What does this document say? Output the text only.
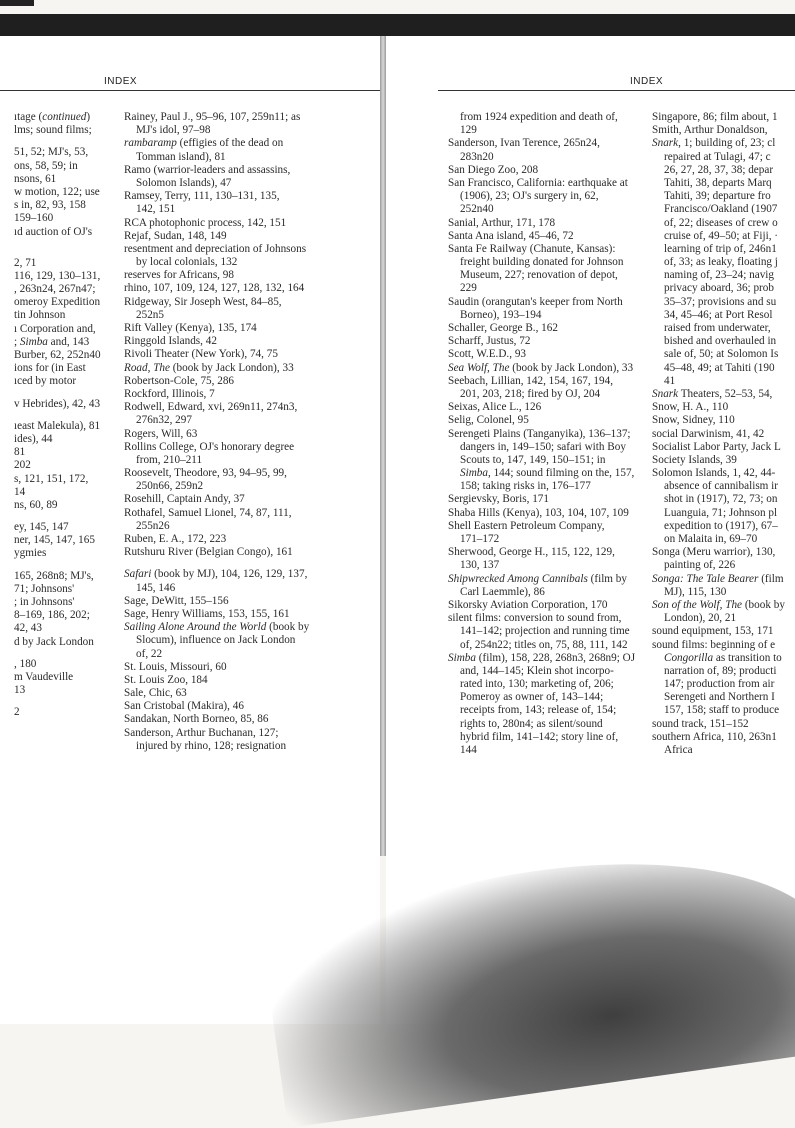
INDEX	INDEX
ıtage (continued)
lms; sound films;
51, 52; MJ's, 53,
ons, 58, 59; in
nsons, 61
w motion, 122; use
s in, 82, 93, 158
159–160
ıd auction of OJ's
2, 71
116, 129, 130–131,
, 263n24, 267n47;
omeroy Expedition
tin Johnson
ı Corporation and,
; Simba and, 143
Burber, 62, 252n40
ions for (in East
ıced by motor
v Hebrides), 42, 43
ıeast Malekula), 81
ides), 44
81
202
s, 121, 151, 172,
14
ns, 60, 89
ey, 145, 147
ner, 145, 147, 165
ygmies
165, 268n8; MJ's,
71; Johnsons'
; in Johnsons'
8–169, 186, 202;
42, 43
d by Jack London
, 180
m Vaudeville
13
2
Rainey, Paul J., 95–96, 107, 259n11; as
MJ's idol, 97–98
rambaramp (effigies of the dead on
Tomman island), 81
Ramo (warrior-leaders and assassins,
Solomon Islands), 47
Ramsey, Terry, 111, 130–131, 135,
142, 151
RCA photophonic process, 142, 151
Rejaf, Sudan, 148, 149
resentment and depreciation of Johnsons
by local colonials, 132
reserves for Africans, 98
rhino, 107, 109, 124, 127, 128, 132, 164
Ridgeway, Sir Joseph West, 84–85,
252n5
Rift Valley (Kenya), 135, 174
Ringgold Islands, 42
Rivoli Theater (New York), 74, 75
Road, The (book by Jack London), 33
Robertson-Cole, 75, 286
Rockford, Illinois, 7
Rodwell, Edward, xvi, 269n11, 274n3,
276n32, 297
Rogers, Will, 63
Rollins College, OJ's honorary degree
from, 210–211
Roosevelt, Theodore, 93, 94–95, 99,
250n66, 259n2
Rosehill, Captain Andy, 37
Rothafel, Samuel Lionel, 74, 87, 111,
255n26
Ruben, E. A., 172, 223
Rutshuru River (Belgian Congo), 161
Safari (book by MJ), 104, 126, 129, 137,
145, 146
Sage, DeWitt, 155–156
Sage, Henry Williams, 153, 155, 161
Sailing Alone Around the World (book by
Slocum), influence on Jack London
of, 22
St. Louis, Missouri, 60
St. Louis Zoo, 184
Sale, Chic, 63
San Cristobal (Makira), 46
Sandakan, North Borneo, 85, 86
Sanderson, Arthur Buchanan, 127;
injured by rhino, 128; resignation
from 1924 expedition and death of,
129
Sanderson, Ivan Terence, 265n24,
283n20
San Diego Zoo, 208
San Francisco, California: earthquake at
(1906), 23; OJ's surgery in, 62,
252n40
Sanial, Arthur, 171, 178
Santa Ana island, 45–46, 72
Santa Fe Railway (Chanute, Kansas):
freight building donated for Johnson
Museum, 227; renovation of depot,
229
Saudin (orangutan's keeper from North
Borneo), 193–194
Schaller, George B., 162
Scharff, Justus, 72
Scott, W.E.D., 93
Sea Wolf, The (book by Jack London), 33
Seebach, Lillian, 142, 154, 167, 194,
201, 203, 218; fired by OJ, 204
Seixas, Alice L., 126
Selig, Colonel, 95
Serengeti Plains (Tanganyika), 136–137;
dangers in, 149–150; safari with Boy
Scouts to, 147, 149, 150–151; in
Simba, 144; sound filming on the, 157,
158; taking risks in, 176–177
Sergievsky, Boris, 171
Shaba Hills (Kenya), 103, 104, 107, 109
Shell Eastern Petroleum Company,
171–172
Sherwood, George H., 115, 122, 129,
130, 137
Shipwrecked Among Cannibals (film by
Carl Laemmle), 86
Sikorsky Aviation Corporation, 170
silent films: conversion to sound from,
141–142; projection and running time
of, 254n22; titles on, 75, 88, 111, 142
Simba (film), 158, 228, 268n3, 268n9; OJ
and, 144–145; Klein shot incorpo-
rated into, 130; marketing of, 206;
Pomeroy as owner of, 143–144;
receipts from, 143; release of, 154;
rights to, 280n4; as silent/sound
hybrid film, 141–142; story line of,
144
Singapore, 86; film about, 1
Smith, Arthur Donaldson,
Snark, 1; building of, 23; cl
repaired at Tulagi, 47; c
26, 27, 28, 37, 38; depar
Tahiti, 38, departs Marq
Tahiti, 39; departure fro
Francisco/Oakland (1907
of, 22; diseases of crew o
cruise of, 49–50; at Fiji, ·
learning of trip of, 246n1
of, 33; as leaky, floating j
naming of, 23–24; navig
privacy aboard, 36; prob
35–37; provisions and su
34, 45–46; at Port Resol
raised from underwater,
bished and overhauled in
sale of, 50; at Solomon Is
45–48, 49; at Tahiti (190
41
Snark Theaters, 52–53, 54,
Snow, H. A., 110
Snow, Sidney, 110
social Darwinism, 41, 42
Socialist Labor Party, Jack L
Society Islands, 39
Solomon Islands, 1, 42, 44-
absence of cannibalism ir
shot in (1917), 72, 73; on
Luanguia, 71; Johnson pl
expedition to (1917), 67–
on Malaita in, 69–70
Songa (Meru warrior), 130,
painting of, 226
Songa: The Tale Bearer (film
MJ), 115, 130
Son of the Wolf, The (book by
London), 20, 21
sound equipment, 153, 171
sound films: beginning of e
Congorilla as transition to
narration of, 89; producti
147; production from air
Serengeti and Northern I
157, 158; staff to produce
sound track, 151–152
southern Africa, 110, 263n1
Africa
